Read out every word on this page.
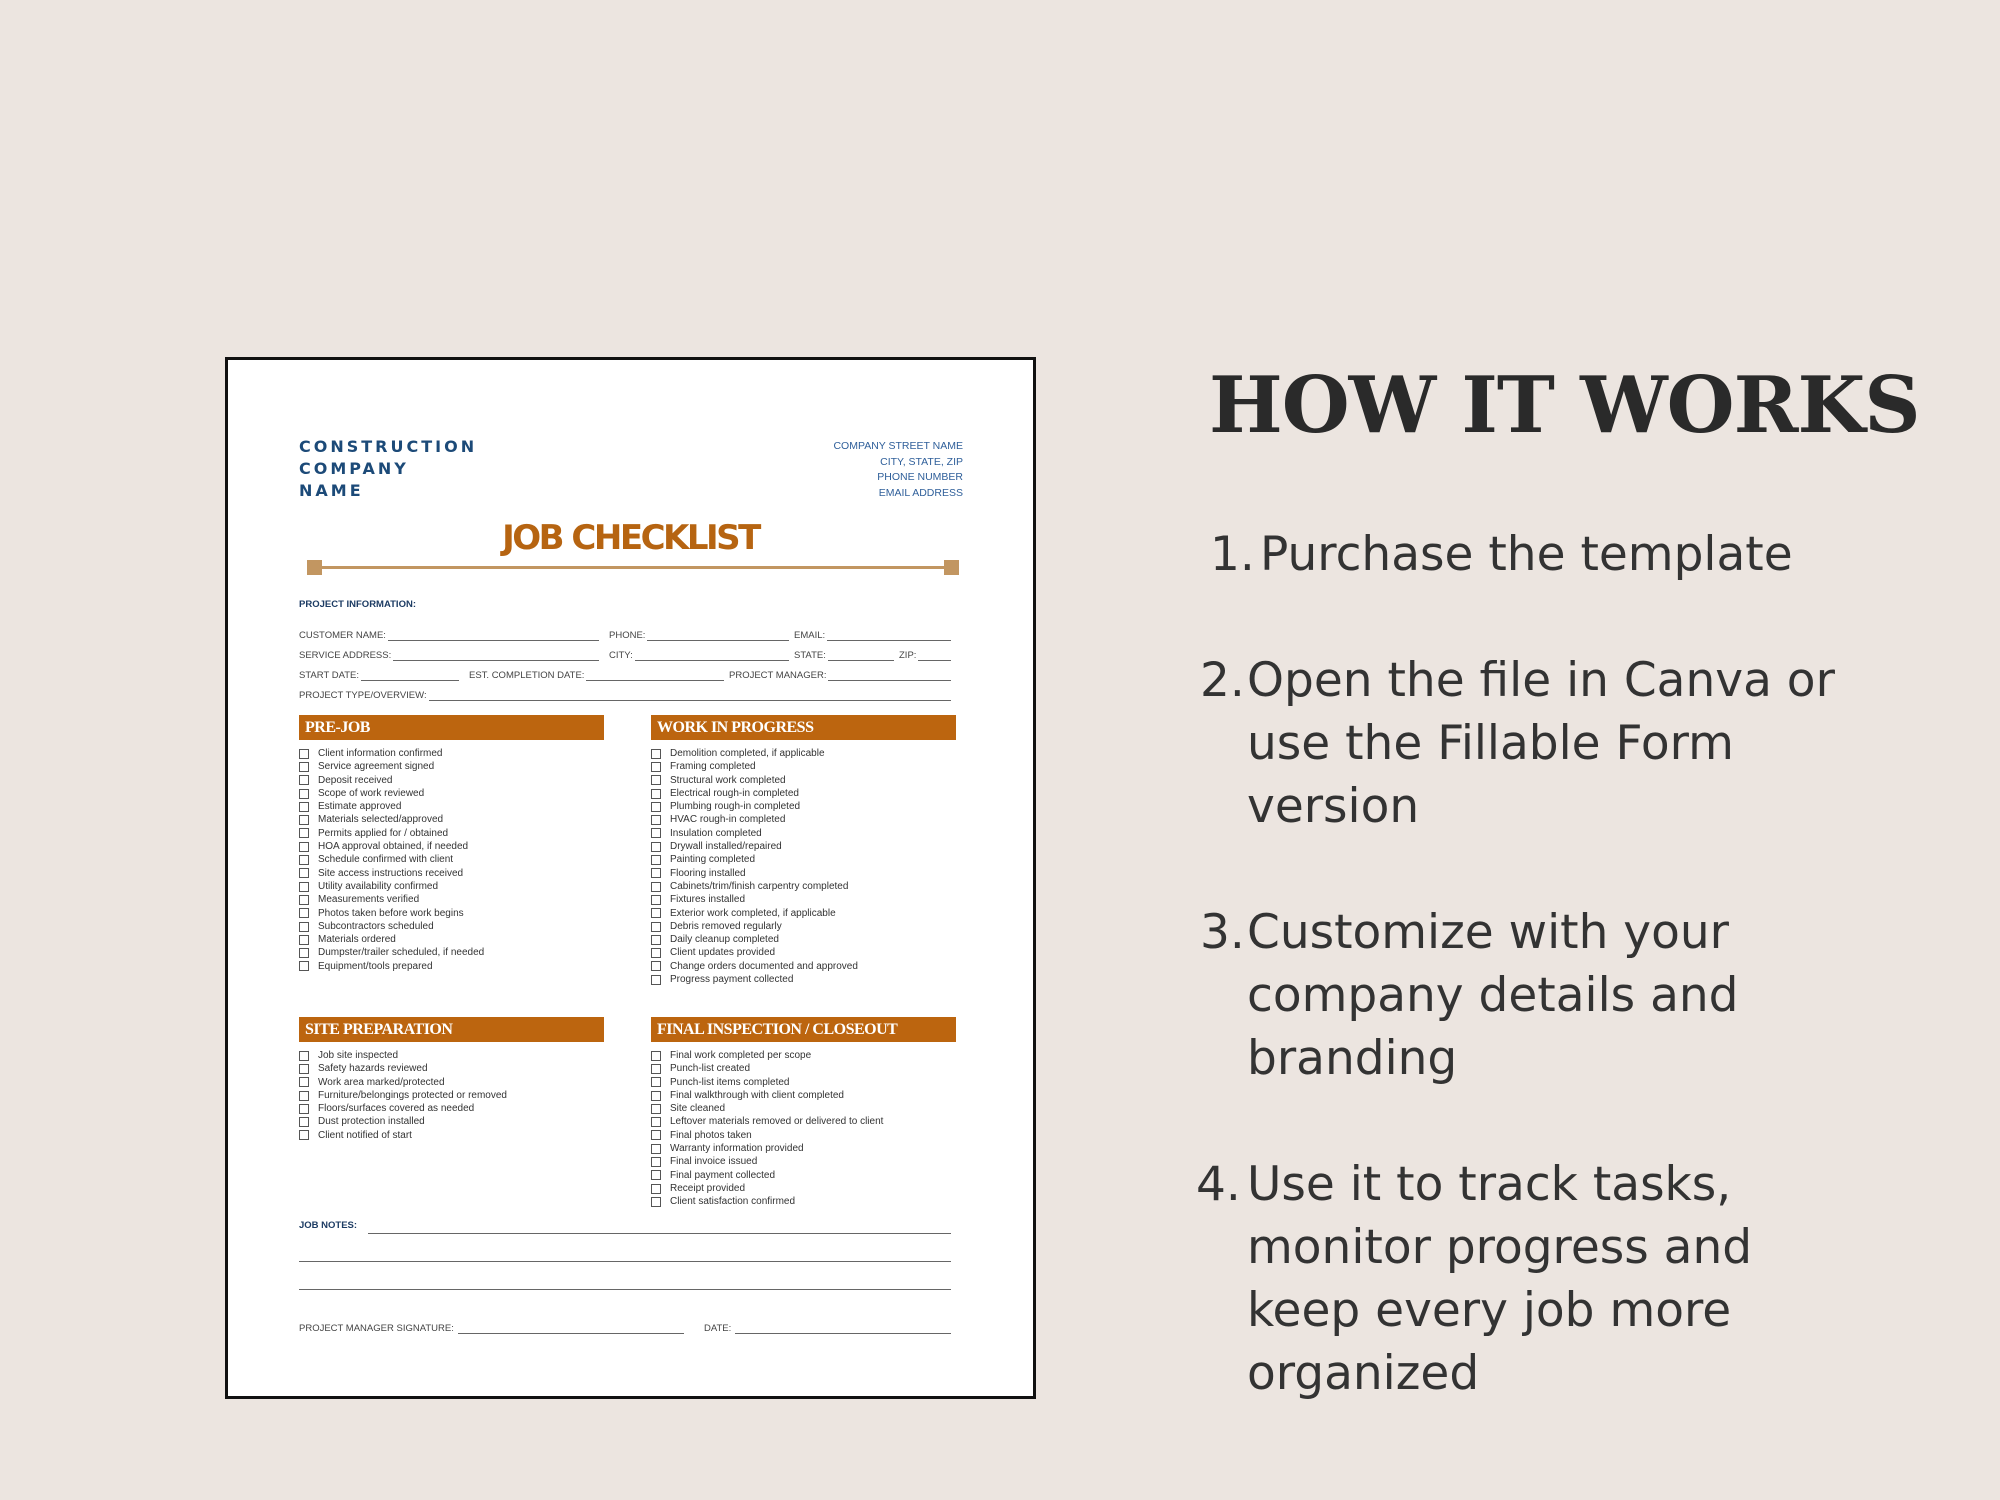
CONSTRUCTION
COMPANY
NAME
COMPANY STREET NAME
CITY, STATE, ZIP
PHONE NUMBER
EMAIL ADDRESS
JOB CHECKLIST
PROJECT INFORMATION:
CUSTOMER NAME:	PHONE:	EMAIL:
SERVICE ADDRESS:	CITY:	STATE:	ZIP:
START DATE:	EST. COMPLETION DATE:	PROJECT MANAGER:
PROJECT TYPE/OVERVIEW:
PRE-JOB	WORK IN PROGRESS
SITE PREPARATION	FINAL INSPECTION / CLOSEOUT
Client information confirmed
Service agreement signed
Deposit received
Scope of work reviewed
Estimate approved
Materials selected/approved
Permits applied for / obtained
HOA approval obtained, if needed
Schedule confirmed with client
Site access instructions received
Utility availability confirmed
Measurements verified
Photos taken before work begins
Subcontractors scheduled
Materials ordered
Dumpster/trailer scheduled, if needed
Equipment/tools prepared
Demolition completed, if applicable
Framing completed
Structural work completed
Electrical rough-in completed
Plumbing rough-in completed
HVAC rough-in completed
Insulation completed
Drywall installed/repaired
Painting completed
Flooring installed
Cabinets/trim/finish carpentry completed
Fixtures installed
Exterior work completed, if applicable
Debris removed regularly
Daily cleanup completed
Client updates provided
Change orders documented and approved
Progress payment collected
Job site inspected
Safety hazards reviewed
Work area marked/protected
Furniture/belongings protected or removed
Floors/surfaces covered as needed
Dust protection installed
Client notified of start
Final work completed per scope
Punch-list created
Punch-list items completed
Final walkthrough with client completed
Site cleaned
Leftover materials removed or delivered to client
Final photos taken
Warranty information provided
Final invoice issued
Final payment collected
Receipt provided
Client satisfaction confirmed
JOB NOTES:
PROJECT MANAGER SIGNATURE:	DATE:
HOW IT WORKS
1. Purchase the template
2. Open the file in Canva or
use the Fillable Form
version
3. Customize with your
company details and
branding
4. Use it to track tasks,
monitor progress and
keep every job more
organized
